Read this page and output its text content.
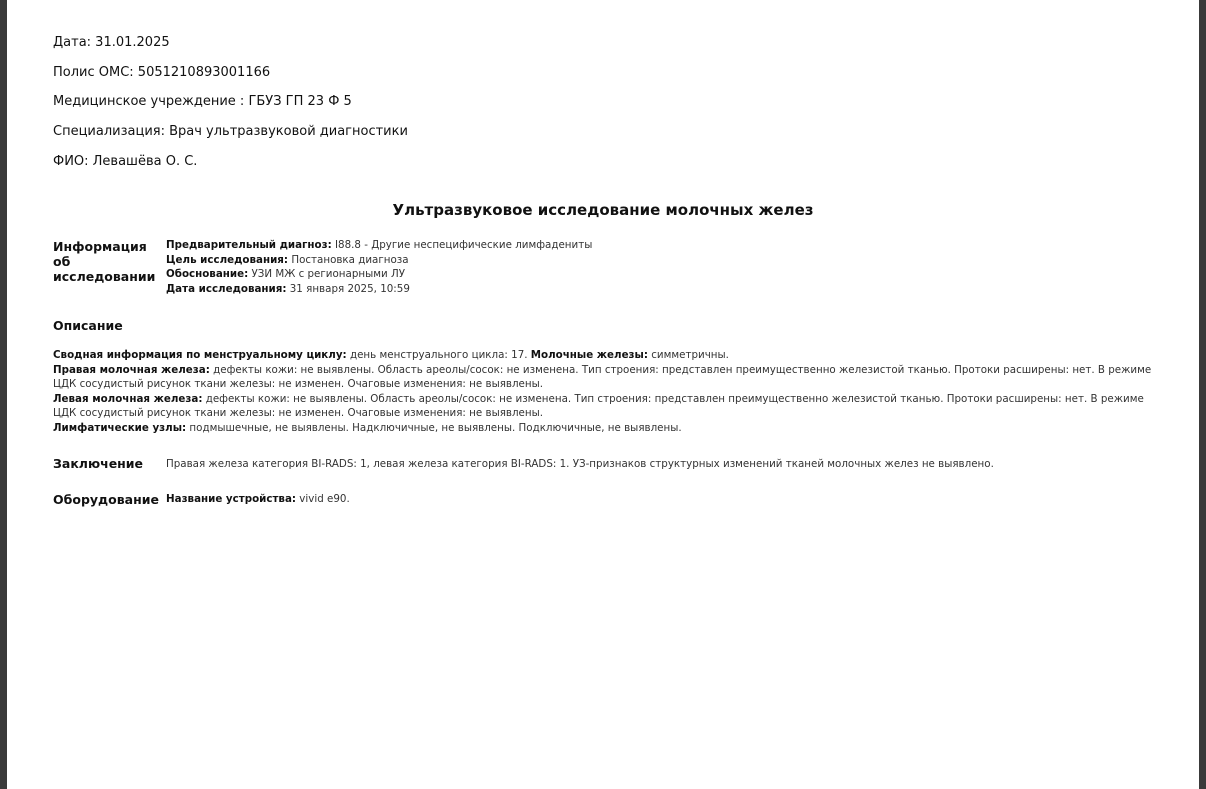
Дата: 31.01.2025
Полис ОМС: 5051210893001166
Медицинское учреждение : ГБУЗ ГП 23 Ф 5
Специализация: Врач ультразвуковой диагностики
ФИО: Левашёва О. С.
Ультразвуковое исследование молочных желез
Информация об исследовании
Предварительный диагноз: I88.8 - Другие неспецифические лимфадениты
Цель исследования: Постановка диагноза
Обоснование: УЗИ МЖ с регионарными ЛУ
Дата исследования: 31 января 2025, 10:59
Описание

Сводная информация по менструальному циклу: день менструального цикла: 17. Молочные железы: симметричны.

Правая молочная железа: дефекты кожи: не выявлены. Область ареолы/сосок: не изменена. Тип строения: представлен преимущественно железистой тканью. Протоки расширены: нет. В режиме ЦДК сосудистый рисунок ткани железы: не изменен. Очаговые изменения: не выявлены.

Левая молочная железа: дефекты кожи: не выявлены. Область ареолы/сосок: не изменена. Тип строения: представлен преимущественно железистой тканью. Протоки расширены: нет. В режиме ЦДК сосудистый рисунок ткани железы: не изменен. Очаговые изменения: не выявлены.

Лимфатические узлы: подмышечные, не выявлены. Надключичные, не выявлены. Подключичные, не выявлены.

Заключение Правая железа категория BI-RADS: 1, левая железа категория BI-RADS: 1. УЗ-признаков структурных изменений тканей молочных желез не выявлено.
Оборудование Название устройства: vivid e90.
